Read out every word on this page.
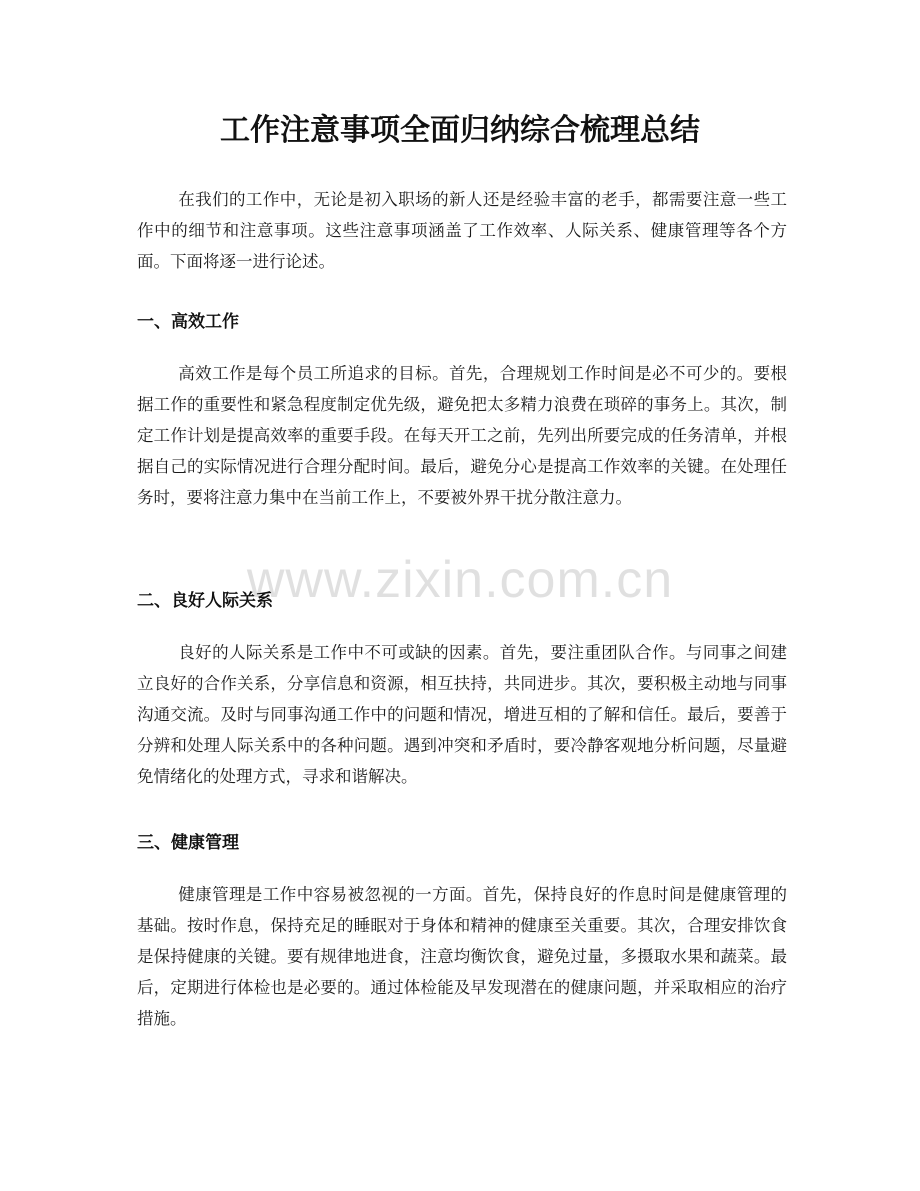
工作注意事项全面归纳综合梳理总结

在我们的工作中，无论是初入职场的新人还是经验丰富的老手，都需要注意一些工作中的细节和注意事项。这些注意事项涵盖了工作效率、人际关系、健康管理等各个方面。下面将逐一进行论述。

一、高效工作

高效工作是每个员工所追求的目标。首先，合理规划工作时间是必不可少的。要根据工作的重要性和紧急程度制定优先级，避免把太多精力浪费在琐碎的事务上。其次，制定工作计划是提高效率的重要手段。在每天开工之前，先列出所要完成的任务清单，并根据自己的实际情况进行合理分配时间。最后，避免分心是提高工作效率的关键。在处理任务时，要将注意力集中在当前工作上，不要被外界干扰分散注意力。

二、良好人际关系

良好的人际关系是工作中不可或缺的因素。首先，要注重团队合作。与同事之间建立良好的合作关系，分享信息和资源，相互扶持，共同进步。其次，要积极主动地与同事沟通交流。及时与同事沟通工作中的问题和情况，增进互相的了解和信任。最后，要善于分辨和处理人际关系中的各种问题。遇到冲突和矛盾时，要冷静客观地分析问题，尽量避免情绪化的处理方式，寻求和谐解决。

三、健康管理

健康管理是工作中容易被忽视的一方面。首先，保持良好的作息时间是健康管理的基础。按时作息，保持充足的睡眠对于身体和精神的健康至关重要。其次，合理安排饮食是保持健康的关键。要有规律地进食，注意均衡饮食，避免过量，多摄取水果和蔬菜。最后，定期进行体检也是必要的。通过体检能及早发现潜在的健康问题，并采取相应的治疗措施。

www.zixin.com.cn
